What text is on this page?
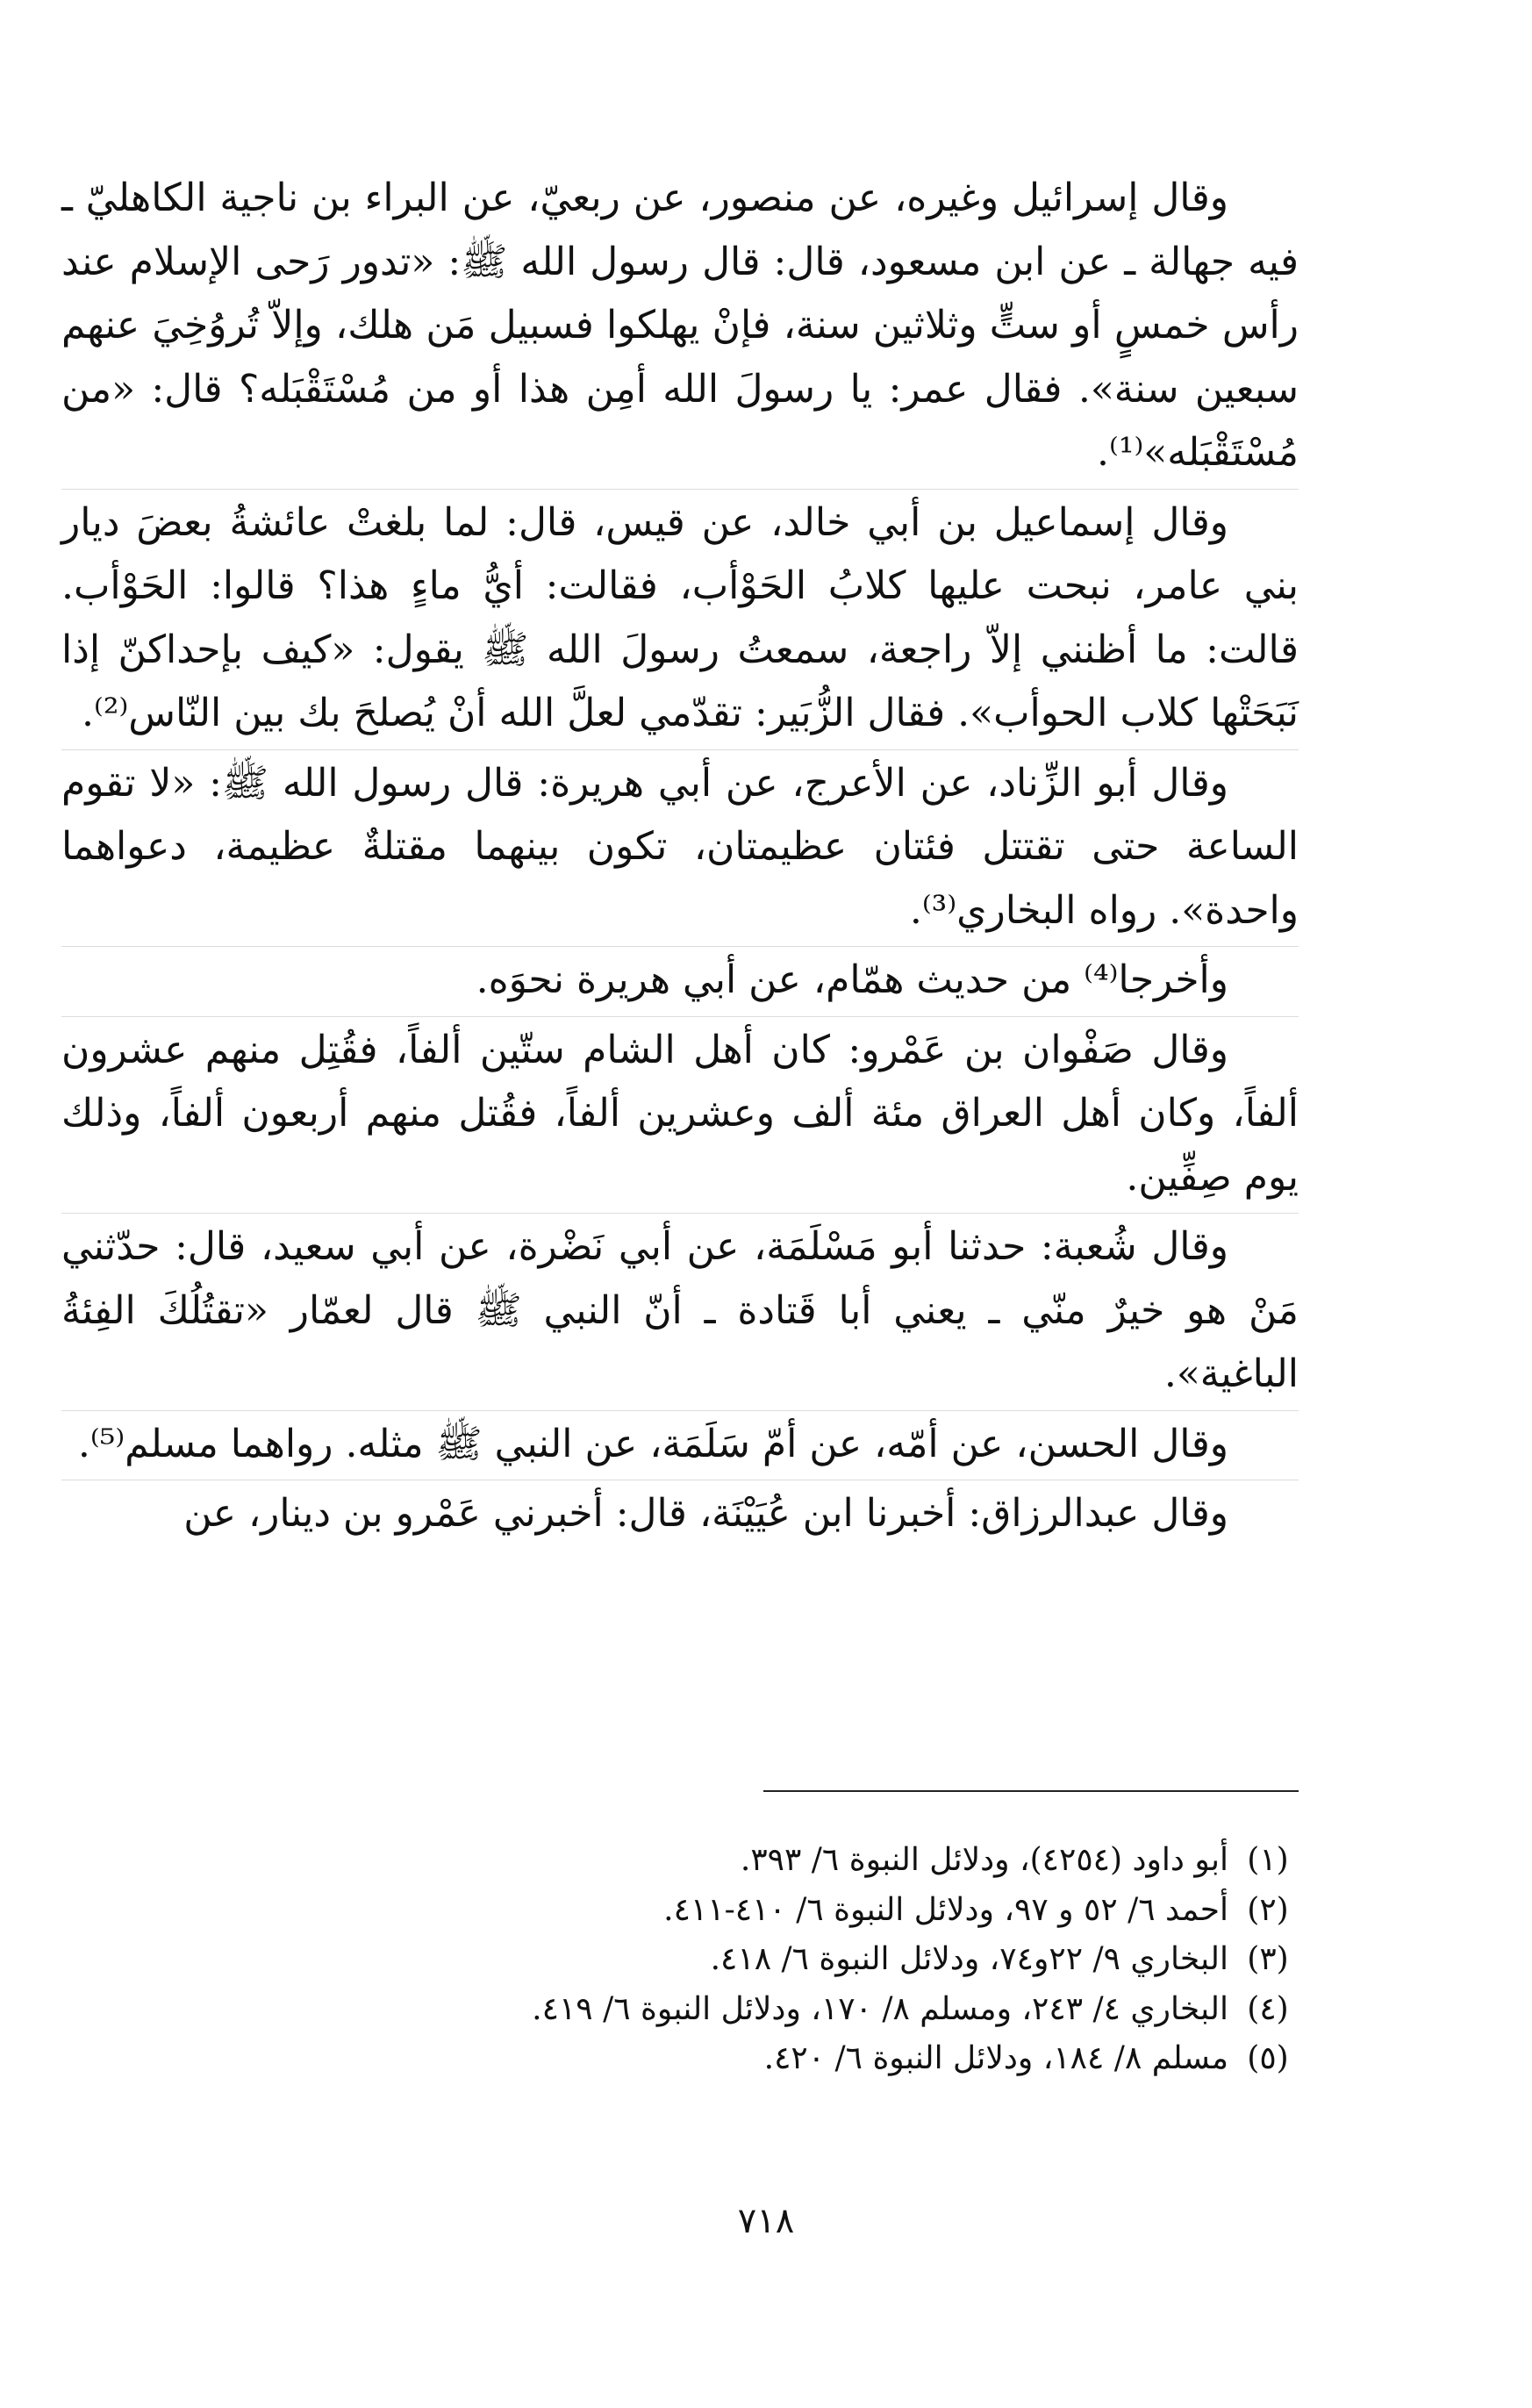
وقال إسرائيل وغيره، عن منصور، عن ربعيّ، عن البراء بن ناجية الكاهليّ ـ فيه جهالة ـ عن ابن مسعود، قال: قال رسول الله ﷺ: «تدور رَحى الإسلام عند رأس خمسٍ أو ستٍّ وثلاثين سنة، فإنْ يهلكوا فسبيل مَن هلك، وإلاّ تُروُخِيَ عنهم سبعين سنة». فقال عمر: يا رسولَ الله أمِن هذا أو من مُسْتَقْبَله؟ قال: «من مُسْتَقْبَله»⁽¹⁾.

وقال إسماعيل بن أبي خالد، عن قيس، قال: لما بلغتْ عائشةُ بعضَ ديار بني عامر، نبحت عليها كلابُ الحَوْأب، فقالت: أيُّ ماءٍ هذا؟ قالوا: الحَوْأب. قالت: ما أظنني إلاّ راجعة، سمعتُ رسولَ الله ﷺ يقول: «كيف بإحداكنّ إذا نَبَحَتْها كلاب الحوأب». فقال الزُّبَير: تقدّمي لعلَّ الله أنْ يُصلحَ بك بين النّاس⁽²⁾.

وقال أبو الزِّناد، عن الأعرج، عن أبي هريرة: قال رسول الله ﷺ: «لا تقوم الساعة حتى تقتتل فئتان عظيمتان، تكون بينهما مقتلةٌ عظيمة، دعواهما واحدة». رواه البخاري⁽³⁾.

وأخرجا⁽⁴⁾ من حديث همّام، عن أبي هريرة نحوَه.

وقال صَفْوان بن عَمْرو: كان أهل الشام ستّين ألفاً، فقُتِل منهم عشرون ألفاً، وكان أهل العراق مئة ألف وعشرين ألفاً، فقُتل منهم أربعون ألفاً، وذلك يوم صِفِّين.

وقال شُعبة: حدثنا أبو مَسْلَمَة، عن أبي نَضْرة، عن أبي سعيد، قال: حدّثني مَنْ هو خيرٌ منّي ـ يعني أبا قَتادة ـ أنّ النبي ﷺ قال لعمّار «تقتُلُكَ الفِئةُ الباغية».

وقال الحسن، عن أمّه، عن أمّ سَلَمَة، عن النبي ﷺ مثله. رواهما مسلم⁽⁵⁾.

وقال عبدالرزاق: أخبرنا ابن عُيَيْنَة، قال: أخبرني عَمْرو بن دينار، عن

(١)
أبو داود (٤٢٥٤)، ودلائل النبوة ٦/ ٣٩٣.
(٢)
أحمد ٦/ ٥٢ و ٩٧، ودلائل النبوة ٦/ ٤١٠-٤١١.
(٣)
البخاري ٩/ ٢٢و٧٤، ودلائل النبوة ٦/ ٤١٨.
(٤)
البخاري ٤/ ٢٤٣، ومسلم ٨/ ١٧٠، ودلائل النبوة ٦/ ٤١٩.
(٥)
مسلم ٨/ ١٨٤، ودلائل النبوة ٦/ ٤٢٠.
٧١٨
